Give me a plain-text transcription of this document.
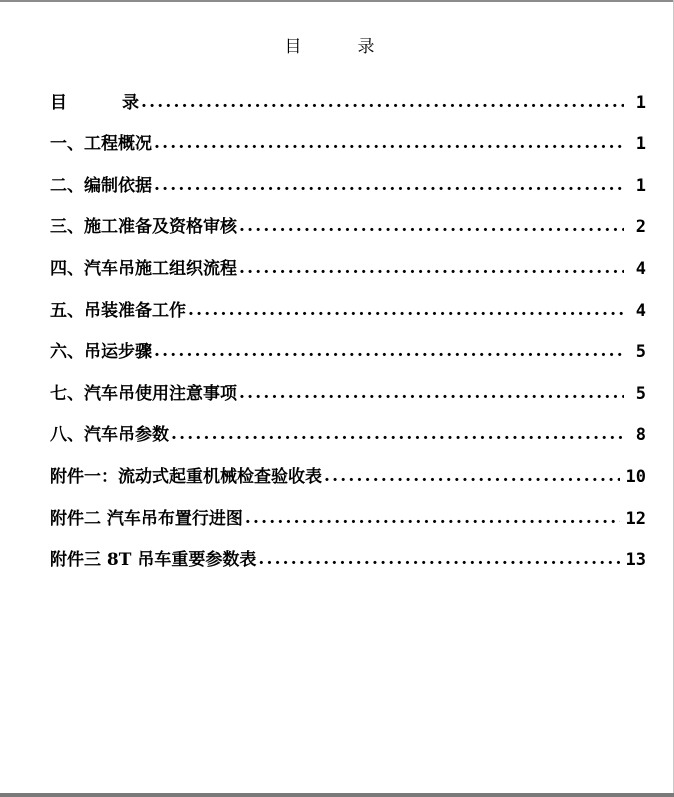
目	录
目	录 .....	1
一、工程概况 .....	1
二、编制依据 .....	1
三、施工准备及资格审核 .....	2
四、汽车吊施工组织流程 .....	4
五、吊装准备工作 .....	4
六、吊运步骤 .....	5
七、汽车吊使用注意事项 .....	5
八、汽车吊参数 .....	8
附件一：流动式起重机械检查验收表 .....	10
附件二 汽车吊布置行进图 .....	12
附件三 8T 吊车重要参数表 .....	13
